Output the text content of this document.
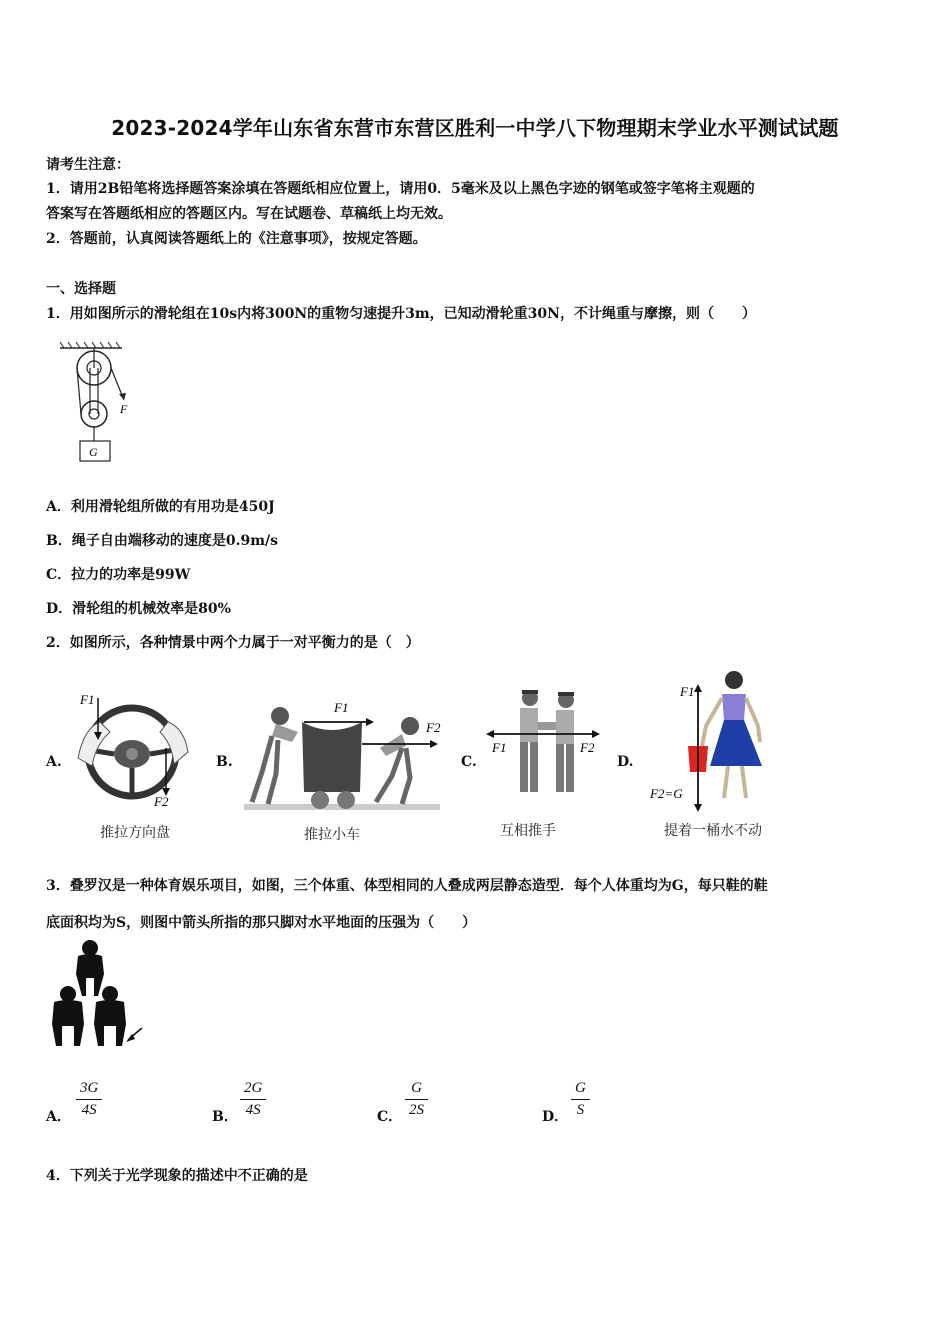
2023-2024学年山东省东营市东营区胜利一中学八下物理期末学业水平测试试题
请考生注意：
1．请用2B铅笔将选择题答案涂填在答题纸相应位置上，请用0．5毫米及以上黑色字迹的钢笔或签字笔将主观题的
答案写在答题纸相应的答题区内。写在试题卷、草稿纸上均无效。
2．答题前，认真阅读答题纸上的《注意事项》，按规定答题。
一、选择题
1．用如图所示的滑轮组在10s内将300N的重物匀速提升3m，已知动滑轮重30N，不计绳重与摩擦，则（　　）
F
G
A．利用滑轮组所做的有用功是450J
B．绳子自由端移动的速度是0.9m/s
C．拉力的功率是99W
D．滑轮组的机械效率是80%
2．如图所示，各种情景中两个力属于一对平衡力的是（　）
A.
F1
F2
推拉方向盘
B.
F1
F2
推拉小车
C.
F1	F2
互相推手
D.
F1
F2=G
提着一桶水不动
3．叠罗汉是一种体育娱乐项目，如图，三个体重、体型相同的人叠成两层静态造型．每个人体重均为G，每只鞋的鞋
底面积均为S，则图中箭头所指的那只脚对水平地面的压强为（　　）
A． $\frac{3G}{4S}$	B． $\frac{2G}{4S}$	C． $\frac{G}{2S}$	D． $\frac{G}{S}$
4．下列关于光学现象的描述中不正确的是
